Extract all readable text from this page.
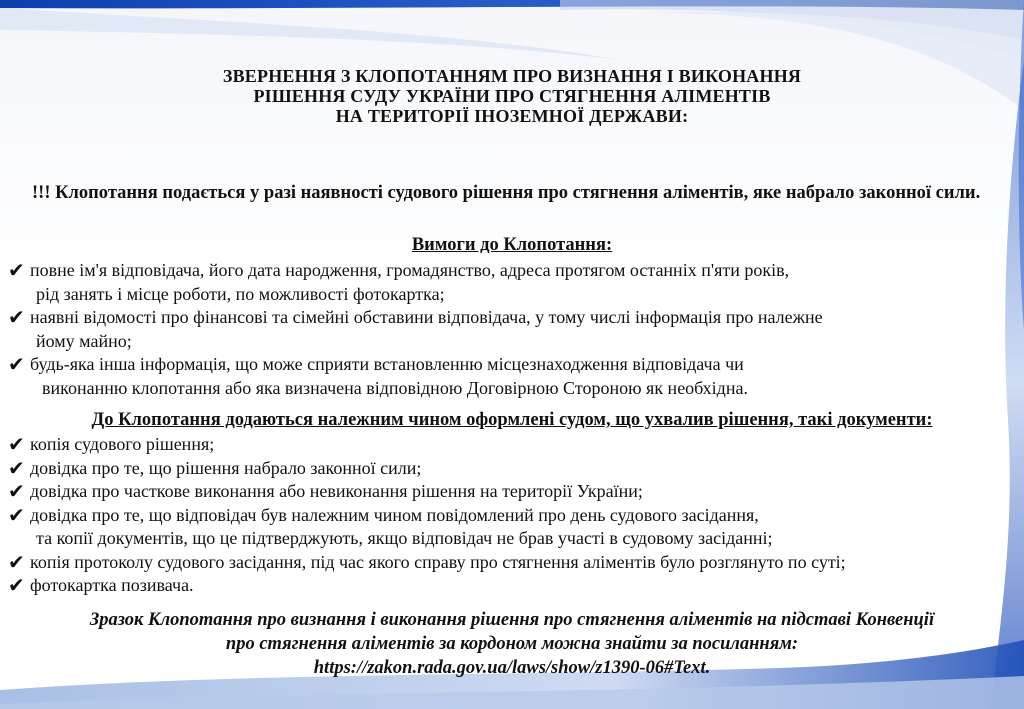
ЗВЕРНЕННЯ З КЛОПОТАННЯМ ПРО ВИЗНАННЯ І ВИКОНАННЯ
РІШЕННЯ СУДУ УКРАЇНИ ПРО СТЯГНЕННЯ АЛІМЕНТІВ
НА ТЕРИТОРІЇ ІНОЗЕМНОЇ ДЕРЖАВИ:
!!! Клопотання подається у разі наявності судового рішення про стягнення аліментів, яке набрало законної сили.
Вимоги до Клопотання:
✔ повне ім'я відповідача, його дата народження, громадянство, адреса протягом останніх п'яти років,
рід занять і місце роботи, по можливості фотокартка;
✔ наявні відомості про фінансові та сімейні обставини відповідача, у тому числі інформація про належне
йому майно;
✔ будь-яка інша інформація, що може сприяти встановленню місцезнаходження відповідача чи
виконанню клопотання або яка визначена відповідною Договірною Стороною як необхідна.
До Клопотання додаються належним чином оформлені судом, що ухвалив рішення, такі документи:
✔ копія судового рішення;
✔ довідка про те, що рішення набрало законної сили;
✔ довідка про часткове виконання або невиконання рішення на території України;
✔ довідка про те, що відповідач був належним чином повідомлений про день судового засідання,
та копії документів, що це підтверджують, якщо відповідач не брав участі в судовому засіданні;
✔ копія протоколу судового засідання, під час якого справу про стягнення аліментів було розглянуто по суті;
✔ фотокартка позивача.
Зразок Клопотання про визнання і виконання рішення про стягнення аліментів на підставі Конвенції
про стягнення аліментів за кордоном можна знайти за посиланням:
https://zakon.rada.gov.ua/laws/show/z1390-06#Text.
